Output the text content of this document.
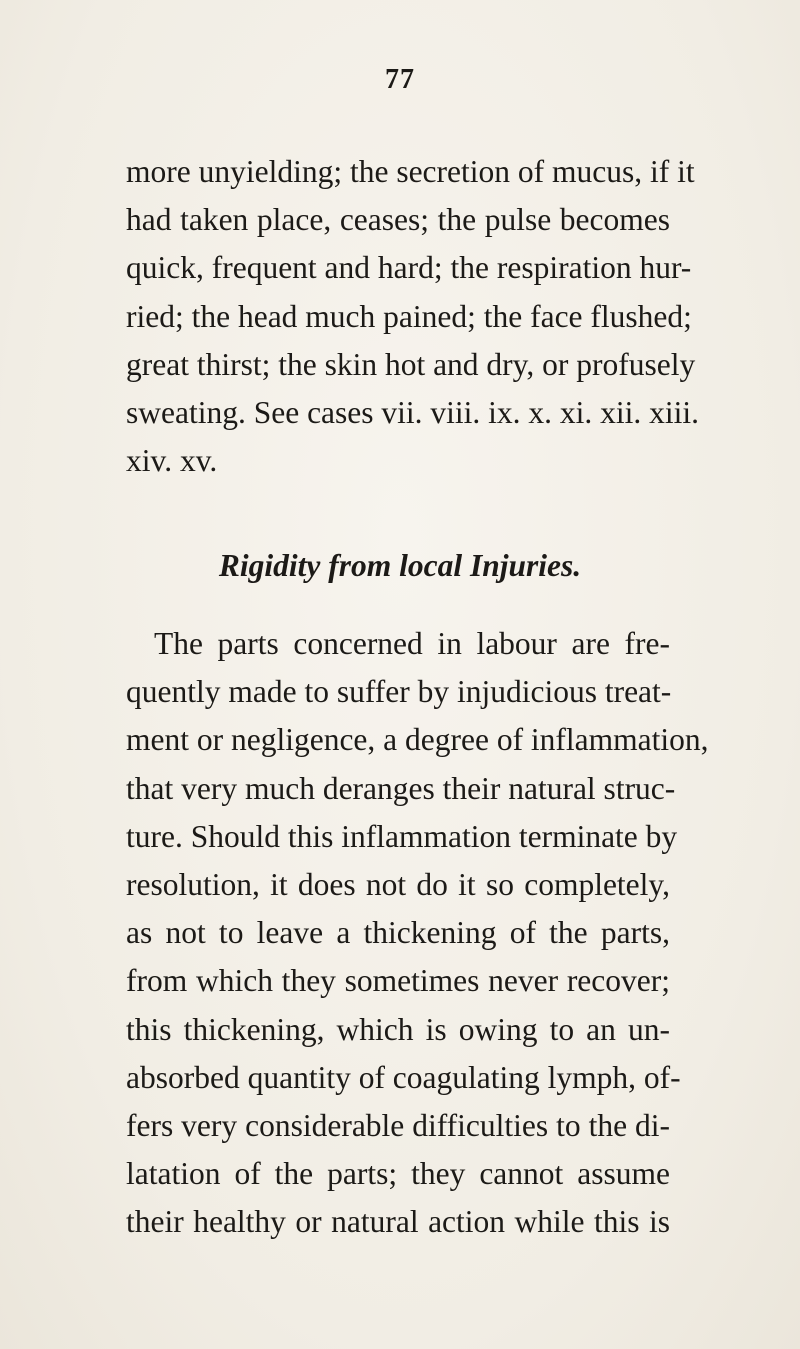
77
more unyielding; the secretion of mucus, if it
had taken place, ceases; the pulse becomes
quick, frequent and hard; the respiration hur-
ried; the head much pained; the face flushed;
great thirst; the skin hot and dry, or profusely
sweating. See cases vii. viii. ix. x. xi. xii. xiii.
xiv. xv.
Rigidity from local Injuries.
The parts concerned in labour are fre-
quently made to suffer by injudicious treat-
ment or negligence, a degree of inflammation,
that very much deranges their natural struc-
ture. Should this inflammation terminate by
resolution, it does not do it so completely,
as not to leave a thickening of the parts,
from which they sometimes never recover;
this thickening, which is owing to an un-
absorbed quantity of coagulating lymph, of-
fers very considerable difficulties to the di-
latation of the parts; they cannot assume
their healthy or natural action while this is
